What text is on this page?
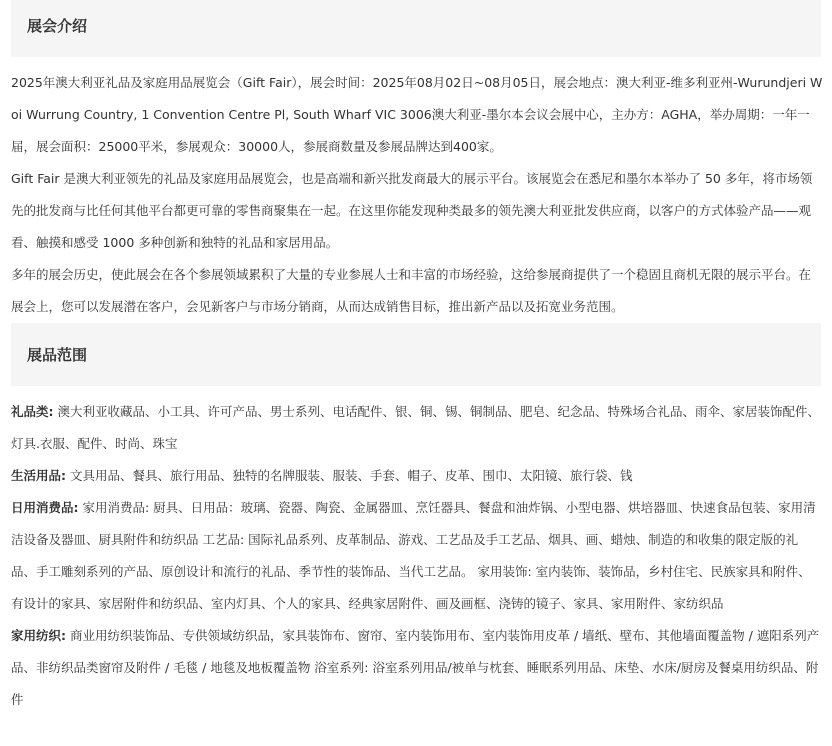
展会介绍

2025年澳大利亚礼品及家庭用品展览会（Gift Fair），展会时间：2025年08月02日~08月05日，展会地点：澳大利亚-维多利亚州-Wurundjeri Woi Wurrung Country, 1 Convention Centre Pl, South Wharf VIC 3006澳大利亚-墨尔本会议会展中心，主办方：AGHA，举办周期：一年一届，展会面积：25000平米，参展观众：30000人，参展商数量及参展品牌达到400家。

Gift Fair 是澳大利亚领先的礼品及家庭用品展览会，也是高端和新兴批发商最大的展示平台。该展览会在悉尼和墨尔本举办了 50 多年，将市场领先的批发商与比任何其他平台都更可靠的零售商聚集在一起。在这里你能发现种类最多的领先澳大利亚批发供应商，以客户的方式体验产品——观看、触摸和感受 1000 多种创新和独特的礼品和家居用品。

多年的展会历史，使此展会在各个参展领域累积了大量的专业参展人士和丰富的市场经验，这给参展商提供了一个稳固且商机无限的展示平台。在展会上，您可以发展潜在客户，会见新客户与市场分销商，从而达成销售目标，推出新产品以及拓宽业务范围。

展品范围

礼品类: 澳大利亚收藏品、小工具、许可产品、男士系列、电话配件、银、铜、锡、铜制品、肥皂、纪念品、特殊场合礼品、雨伞、家居装饰配件、灯具.衣服、配件、时尚、珠宝

生活用品: 文具用品、餐具、旅行用品、独特的名牌服装、服装、手套、帽子、皮革、围巾、太阳镜、旅行袋、钱

日用消费品: 家用消费品: 厨具、日用品：玻璃、瓷器、陶瓷、金属器皿、烹饪器具、餐盘和油炸锅、小型电器、烘培器皿、快速食品包装、家用清洁设备及器皿、厨具附件和纺织品 工艺品: 国际礼品系列、皮革制品、游戏、工艺品及手工艺品、烟具、画、蜡烛、制造的和收集的限定版的礼品、手工雕刻系列的产品、原创设计和流行的礼品、季节性的装饰品、当代工艺品。 家用装饰: 室内装饰、装饰品，乡村住宅、民族家具和附件、有设计的家具、家居附件和纺织品、室内灯具、个人的家具、经典家居附件、画及画框、浇铸的镜子、家具、家用附件、家纺织品

家用纺织: 商业用纺织装饰品、专供领域纺织品，家具装饰布、窗帘、室内装饰用布、室内装饰用皮革 / 墙纸、壁布、其他墙面覆盖物 / 遮阳系列产品、非纺织品类窗帘及附件 / 毛毯 / 地毯及地板覆盖物 浴室系列: 浴室系列用品/被单与枕套、睡眠系列用品、床垫、水床/厨房及餐桌用纺织品、附件
